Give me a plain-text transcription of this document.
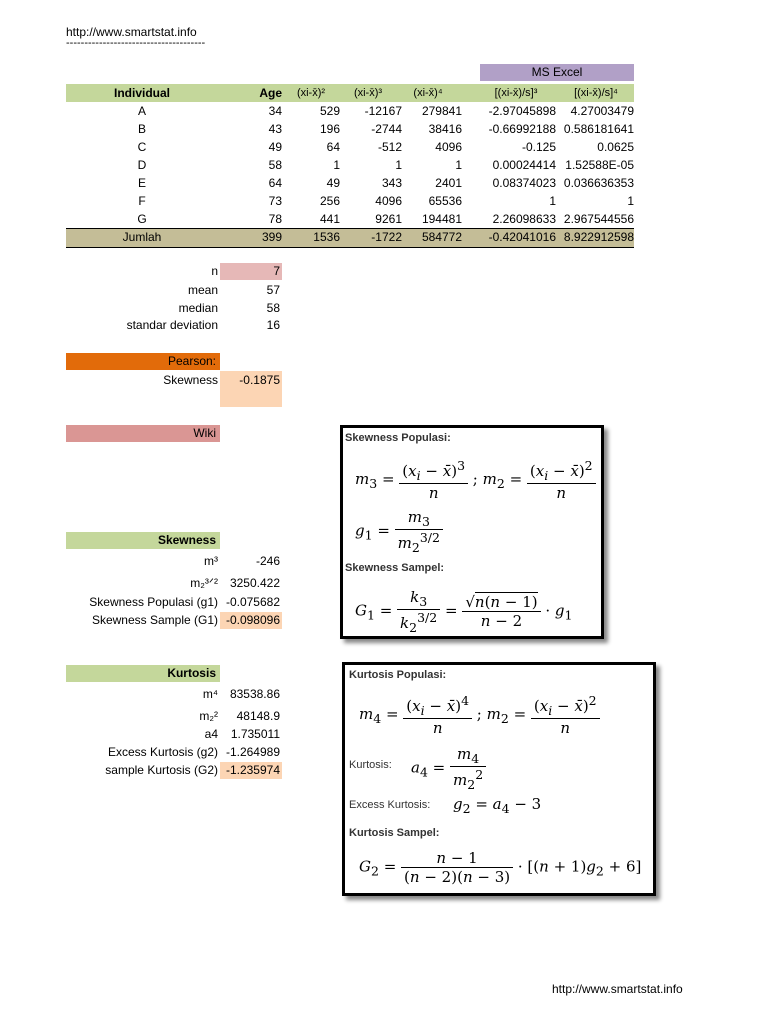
http://www.smartstat.info
--------------------------------------
MS Excel
Individual	Age	(xi-x̄)²	(xi-x̄)³	(xi-x̄)⁴	[(xi-x̄)/s]³	[(xi-x̄)/s]⁴
A	34	529	-12167	279841	-2.97045898	4.27003479
B	43	196	-2744	38416	-0.66992188 0.586181641
C	49	64	-512	4096	-0.125	0.0625
D	58	1	1	1	0.00024414 1.52588E-05
E	64	49	343	2401	0.08374023 0.036636353
F	73	256	4096	65536	1	1
G	78	441	9261	194481	2.26098633 2.967544556
Jumlah	399	1536	-1722	584772	-0.42041016 8.922912598
n	7
mean	57
median	58
standar deviation	16
Pearson:
Skewness	-0.1875
Wiki
Skewness
m³	-246
m₂³ᐟ² 3250.422
Skewness Populasi (g1) -0.075682
Skewness Sample (G1) -0.098096
Kurtosis
m⁴ 83538.86
m₂²	48148.9
a4	1.735011
Excess Kurtosis (g2) -1.264989
sample Kurtosis (G2) -1.235974
Skewness Populasi:
$m_3 = \frac{(x_i - x̄)^3}{n}$ ; $m_2 = \frac{(x_i - x̄)^2}{n}$
$g_1 = \frac{m_3}{m_2^{3/2}}$
Skewness Sampel:
$G_1 = \frac{k_3}{k_2^{3/2}} = \frac{√n(n - 1)}{n - 2} \cdot g_1$
Kurtosis Populasi:
$m_4 = \frac{(x_i - x̄)^4}{n}$ ; $m_2 = \frac{(x_i - x̄)^2}{n}$
Kurtosis: $a_4 = \frac{m_4}{m_2^2}$
Excess Kurtosis: $g_2 = a_4 - 3$
Kurtosis Sampel:
$G_2 = \frac{n - 1}{(n - 2)(n - 3)} \cdot [(n + 1)g_2 + 6]$
http://www.smartstat.info
